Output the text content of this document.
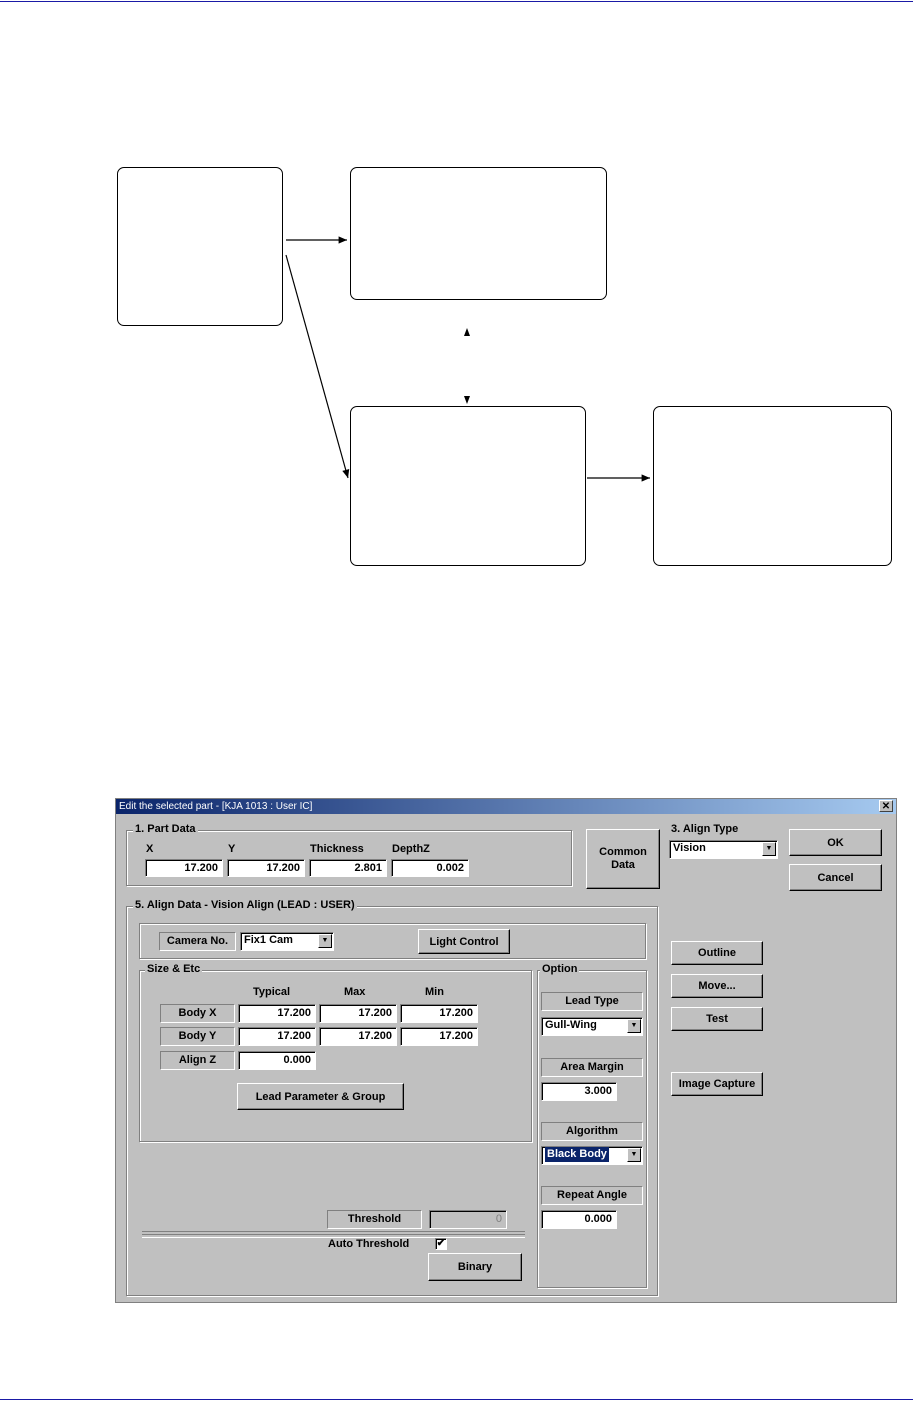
Edit the selected part - [KJA 1013 : User IC]	✕
1. Part Data
X	Y	Thickness	DepthZ
17.200	17.200	2.801	0.002
Common
Data
3. Align Type
Vision	▼	OK
Cancel
5. Align Data - Vision Align (LEAD : USER)
Camera No.	Fix1 Cam	▼	Light Control
Size & Etc
Typical	Max	Min
Body X	17.200	17.200	17.200
Body Y	17.200	17.200	17.200
Align Z	0.000
Lead Parameter & Group
Threshold	0
Auto Threshold	✔
Binary
Option
Lead Type
Gull-Wing	▼
Area Margin
3.000
Algorithm
Black Body	▼
Repeat Angle
0.000
Outline
Move...
Test
Image Capture
